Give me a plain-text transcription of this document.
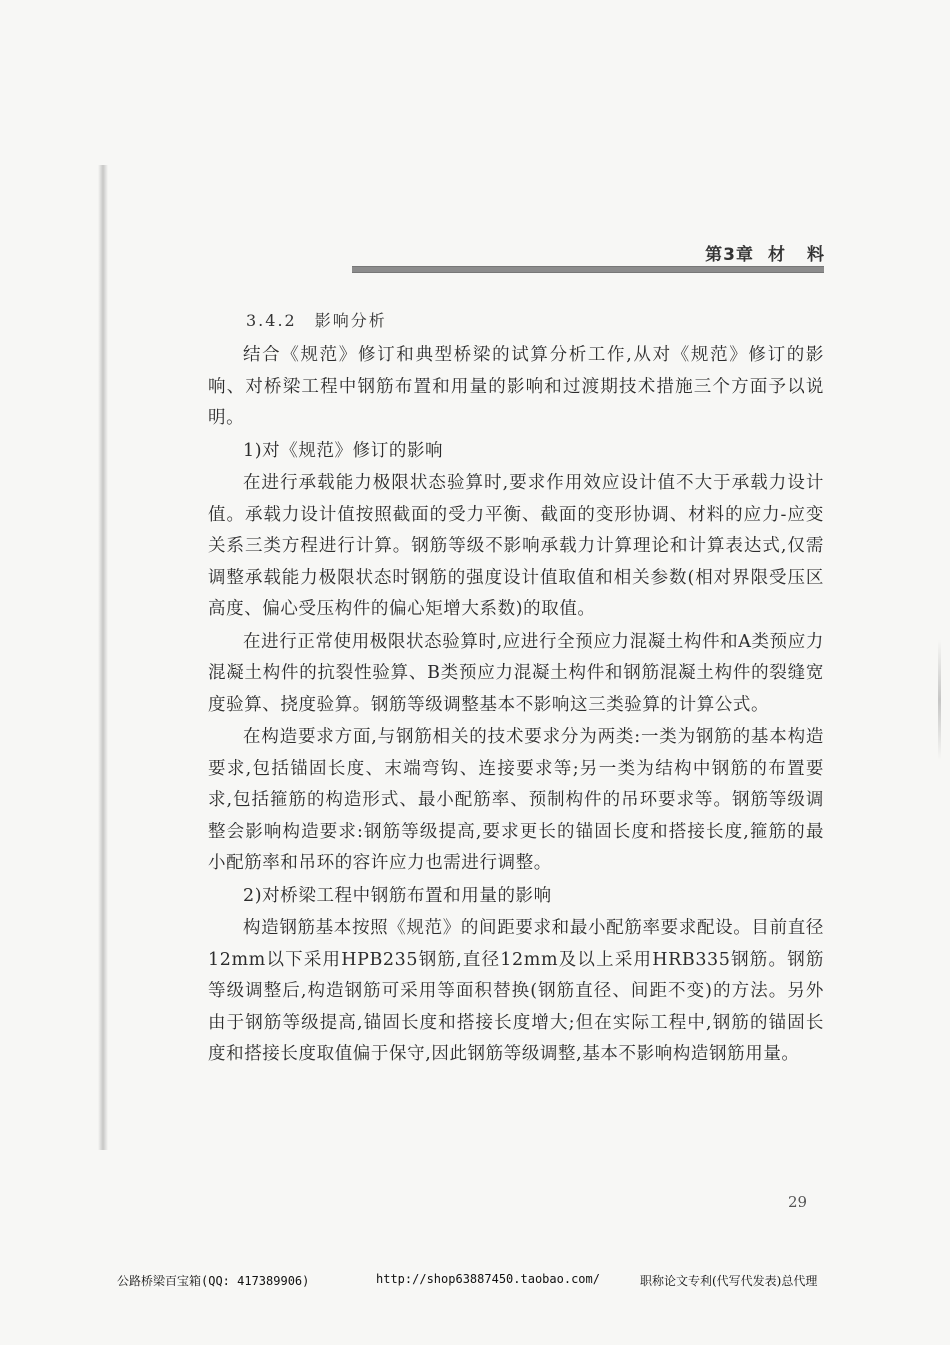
第3章 材料
3.4.2 影响分析

结合《规范》修订和典型桥梁的试算分析工作,从对《规范》修订的影响、对桥梁工程中钢筋布置和用量的影响和过渡期技术措施三个方面予以说明。

1)对《规范》修订的影响

在进行承载能力极限状态验算时,要求作用效应设计值不大于承载力设计值。承载力设计值按照截面的受力平衡、截面的变形协调、材料的应力-应变关系三类方程进行计算。钢筋等级不影响承载力计算理论和计算表达式,仅需调整承载能力极限状态时钢筋的强度设计值取值和相关参数(相对界限受压区高度、偏心受压构件的偏心矩增大系数)的取值。

在进行正常使用极限状态验算时,应进行全预应力混凝土构件和A类预应力混凝土构件的抗裂性验算、B类预应力混凝土构件和钢筋混凝土构件的裂缝宽度验算、挠度验算。钢筋等级调整基本不影响这三类验算的计算公式。

在构造要求方面,与钢筋相关的技术要求分为两类:一类为钢筋的基本构造要求,包括锚固长度、末端弯钩、连接要求等;另一类为结构中钢筋的布置要求,包括箍筋的构造形式、最小配筋率、预制构件的吊环要求等。钢筋等级调整会影响构造要求:钢筋等级提高,要求更长的锚固长度和搭接长度,箍筋的最小配筋率和吊环的容许应力也需进行调整。

2)对桥梁工程中钢筋布置和用量的影响

构造钢筋基本按照《规范》的间距要求和最小配筋率要求配设。目前直径12mm以下采用HPB235钢筋,直径12mm及以上采用HRB335钢筋。钢筋等级调整后,构造钢筋可采用等面积替换(钢筋直径、间距不变)的方法。另外由于钢筋等级提高,锚固长度和搭接长度增大;但在实际工程中,钢筋的锚固长度和搭接长度取值偏于保守,因此钢筋等级调整,基本不影响构造钢筋用量。

29
公路桥梁百宝箱(QQ: 417389906)	http://shop63887450.taobao.com/	职称论文专利(代写代发表)总代理
